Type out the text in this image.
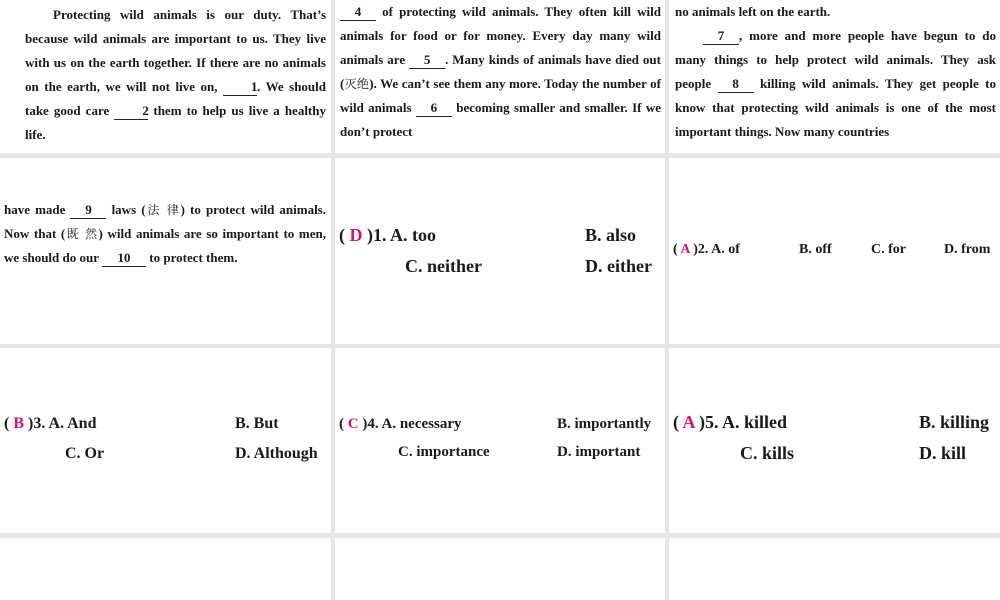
Protecting wild animals is our duty. That’s because wild animals are important to us. They live with us on the earth together. If there are no animals on the earth, we will not live on,	1. We should take good care	2 them to help us live a healthy life.
4 of protecting wild animals. They often kill wild animals for food or for money. Every day many wild animals are 5 . Many kinds of animals have died out (灭绝). We can’t see them any more. Today the number of wild animals 6 becoming smaller and smaller. If we don’t protect
no animals left on the earth.
7 , more and more people have begun to do many things to help protect wild animals. They ask people 8 killing wild animals. They get people to know that protecting wild animals is one of the most important things. Now many countries
have made 9 laws (法 律) to protect wild animals. Now that (既 然) wild animals are so important to men, we should do our 10 to protect them.
( D )1. A. too	B. also
C. neither	D. either
( A )2. A. of	B. off	C. for	D. from
( B )3. A. And	B. But
C. Or	D. Although
( C )4. A. necessary	B. importantly
C. importance	D. important
( A )5. A. killed	B. killing
C. kills	D. kill
